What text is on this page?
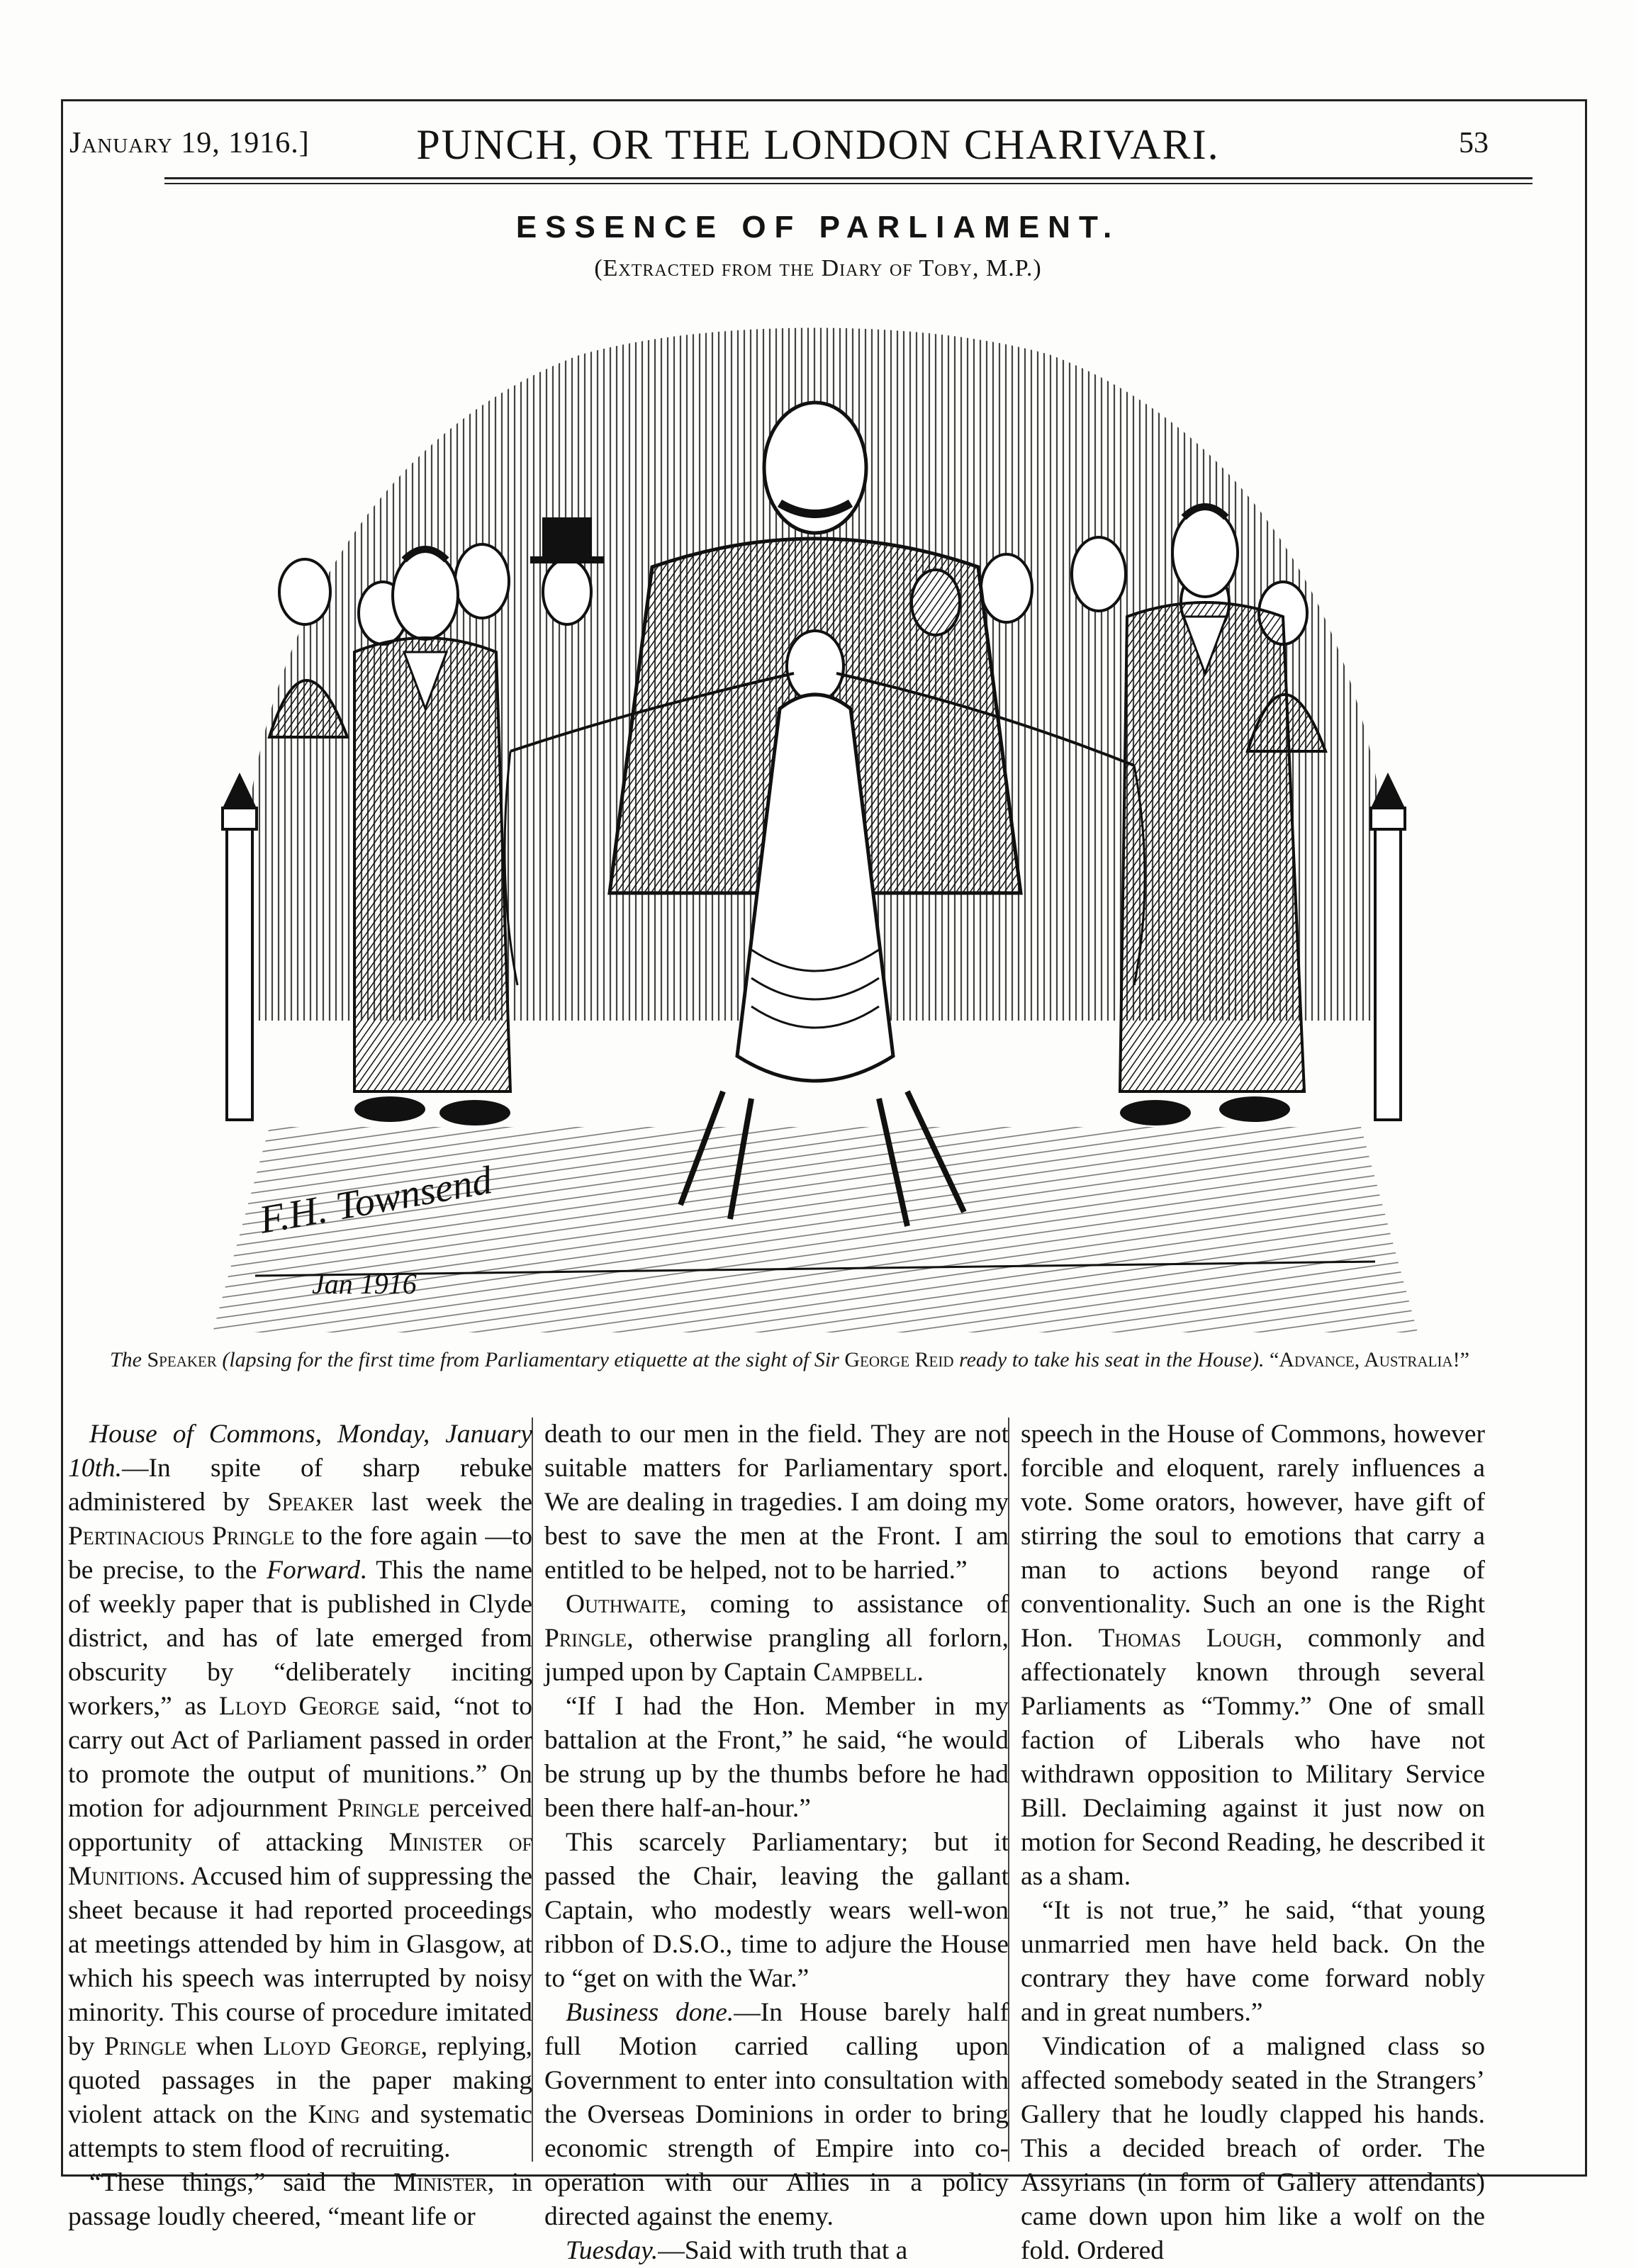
January 19, 1916.]	PUNCH, OR THE LONDON CHARIVARI.	53
ESSENCE OF PARLIAMENT.
(Extracted from the Diary of Toby, M.P.)
F.H. Townsend
Jan 1916
The Speaker (lapsing for the first time from Parliamentary etiquette at the sight of Sir George Reid ready to take his seat in the House). “Advance, Australia!”

House of Commons, Monday, January 10th.—In spite of sharp rebuke administered by Speaker last week the Pertinacious Pringle to the fore again —to be precise, to the Forward. This the name of weekly paper that is published in Clyde district, and has of late emerged from obscurity by “deliberately inciting workers,” as Lloyd George said, “not to carry out Act of Parliament passed in order to promote the output of munitions.” On motion for adjournment Pringle perceived opportunity of attacking Minister of Munitions. Accused him of suppressing the sheet because it had reported proceedings at meetings attended by him in Glasgow, at which his speech was interrupted by noisy minority. This course of procedure imitated by Pringle when Lloyd George, replying, quoted passages in the paper making violent attack on the King and systematic attempts to stem flood of recruiting.

“These things,” said the Minister, in passage loudly cheered, “meant life or

death to our men in the field. They are not suitable matters for Parliamentary sport. We are dealing in tragedies. I am doing my best to save the men at the Front. I am entitled to be helped, not to be harried.”

Outhwaite, coming to assistance of Pringle, otherwise prangling all forlorn, jumped upon by Captain Campbell.

“If I had the Hon. Member in my battalion at the Front,” he said, “he would be strung up by the thumbs before he had been there half-an-hour.”

This scarcely Parliamentary; but it passed the Chair, leaving the gallant Captain, who modestly wears well-won ribbon of D.S.O., time to adjure the House to “get on with the War.”

Business done.—In House barely half full Motion carried calling upon Government to enter into consultation with the Overseas Dominions in order to bring economic strength of Empire into co-operation with our Allies in a policy directed against the enemy.

Tuesday.—Said with truth that a

speech in the House of Commons, however forcible and eloquent, rarely influences a vote. Some orators, however, have gift of stirring the soul to emotions that carry a man to actions beyond range of conventionality. Such an one is the Right Hon. Thomas Lough, commonly and affectionately known through several Parliaments as “Tommy.” One of small faction of Liberals who have not withdrawn opposition to Military Service Bill. Declaiming against it just now on motion for Second Reading, he described it as a sham.

“It is not true,” he said, “that young unmarried men have held back. On the contrary they have come forward nobly and in great numbers.”

Vindication of a maligned class so affected somebody seated in the Strangers’ Gallery that he loudly clapped his hands. This a decided breach of order. The Assyrians (in form of Gallery attendants) came down upon him like a wolf on the fold. Ordered
